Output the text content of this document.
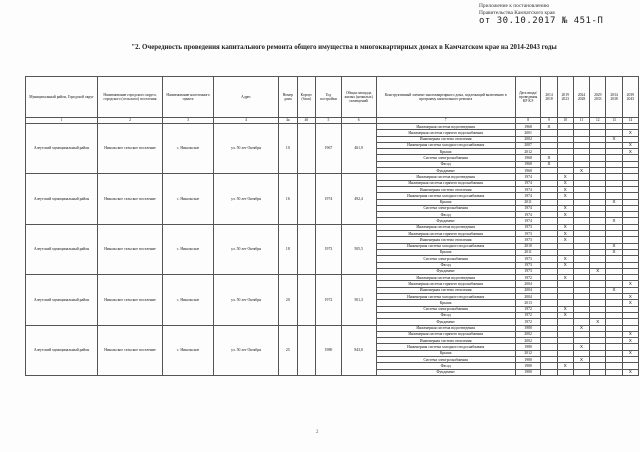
Приложение к постановлению
Правительства Камчатского края
от 30.10.2017 № 451-П
"2. Очередность проведения капитального ремонта общего имущества в многоквартирных домах в Камчатском крае на 2014-2043 годы
Муниципальный район, Городской округ	Наименование городского округа, городского (сельского) поселения	Наименование населенного пункта	Адрес	Номер дома	Корпус (блок)	Год постройки	Общая площадь жилых (нежилых) помещений	Конструктивный элемент многоквартирного дома, подлежащий включению в программу капитального ремонта	Дата ввода/ проведения КР КЭ	2014 2018	2019 2023	2024 2028	2029 2033	2034 2038	2039 2043
1	2	3	4	4а	4б	5	6	7	8	9	10	11	12	13	14
Алеутский муниципальный район	Никольское сельское поселение	с. Никольское	ул. 50 лет Октября	10		1967	461,9	Инженерная система водоотведения	1968	X					
								Инженерная система горячего водоснабжения	2001						X
								Инженерная система отопления	2002					X	
								Инженерная система холодного водоснабжения	2007						X
								Крыша	2012						X
								Система электроснабжения	1968	X					
								Фасад	1968	X					
								Фундамент	1968			X			
Алеутский муниципальный район	Никольское сельское поселение	с. Никольское	ул. 50 лет Октября	16		1974	492,4	Инженерная система водоотведения	1974		X				
								Инженерная система горячего водоснабжения	1974		X				
								Инженерная система отопления	1974		X				
								Инженерная система холодного водоснабжения	1974		X				
								Крыша	2011					X	
								Система электроснабжения	1974		X				
								Фасад	1974		X				
								Фундамент	1974					X	
Алеутский муниципальный район	Никольское сельское поселение	с. Никольское	ул. 50 лет Октября	18		1973	505,5	Инженерная система водоотведения	1973		X				
								Инженерная система горячего водоснабжения	1973		X				
								Инженерная система отопления	1973		X				
								Инженерная система холодного водоснабжения	2010					X	
								Крыша	2011					X	
								Система электроснабжения	1973		X				
								Фасад	1973		X				
								Фундамент	1973				X		
Алеутский муниципальный район	Никольское сельское поселение	с. Никольское	ул. 50 лет Октября	20		1972	501,3	Инженерная система водоотведения	1972		X				
								Инженерная система горячего водоснабжения	2004						X
								Инженерная система отопления	2004					X	
								Инженерная система холодного водоснабжения	2004						X
								Крыша	2013						X
								Система электроснабжения	1972		X				
								Фасад	1972		X				
								Фундамент	1972				X		
Алеутский муниципальный район	Никольское сельское поселение	с. Никольское	ул. 50 лет Октября	25		1980	843,0	Инженерная система водоотведения	1980			X			
								Инженерная система горячего водоснабжения	2002						X
								Инженерная система отопления	2002						X
								Инженерная система холодного водоснабжения	1980			X			
								Крыша	2012						X
								Система электроснабжения	1980			X			
								Фасад	1980		X				
								Фундамент	1980						X
2
